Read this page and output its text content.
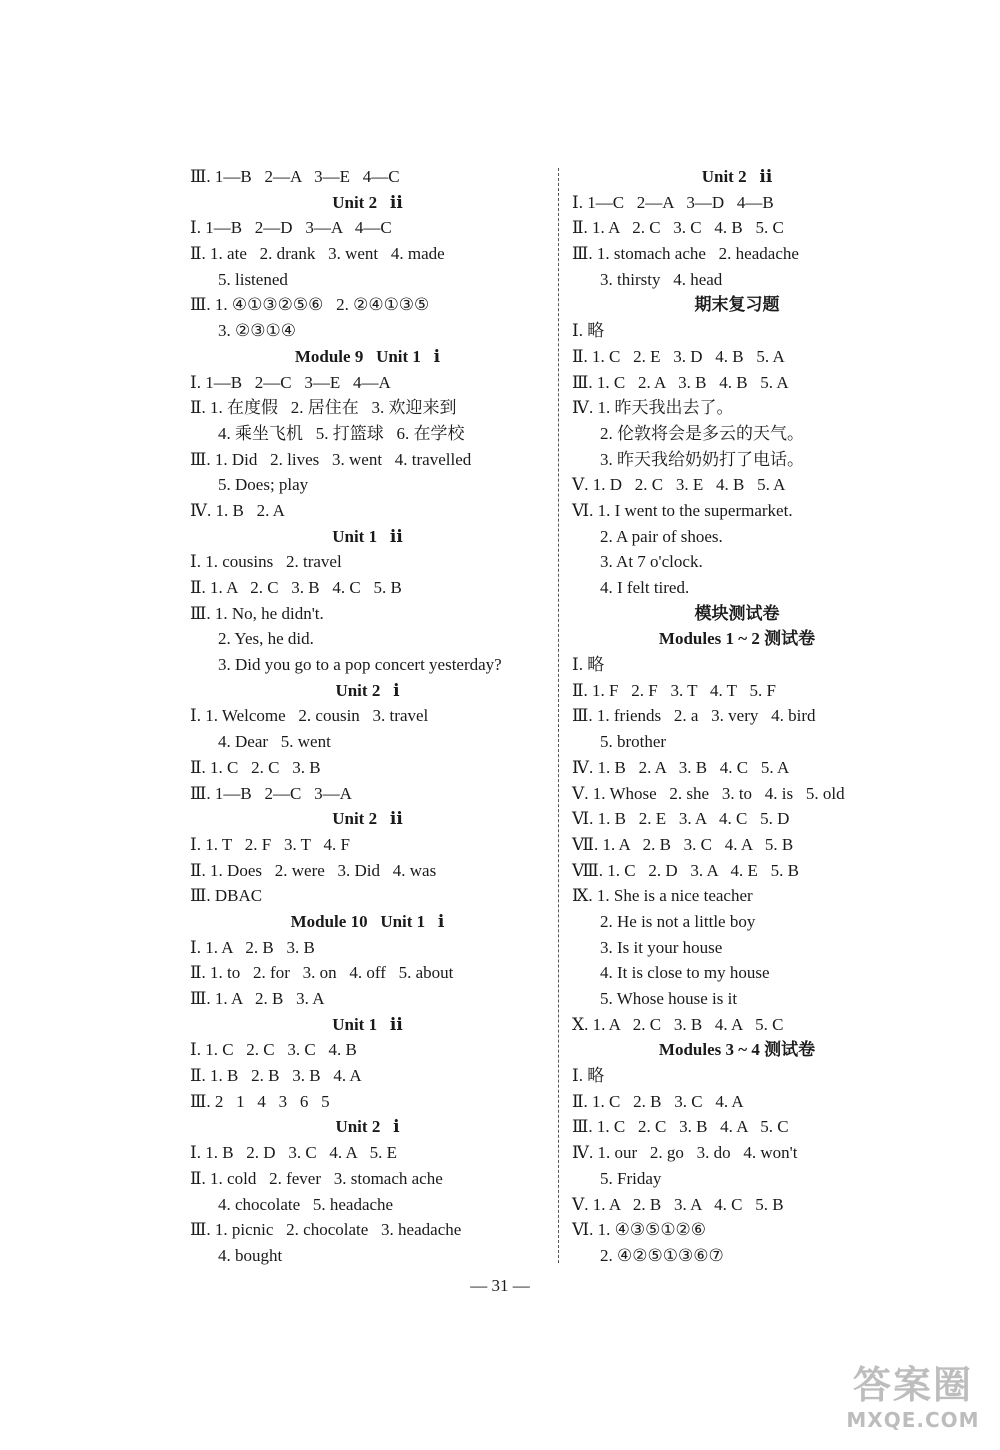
Ⅲ. 1—B   2—A   3—E   4—C
Unit 2   ⅱ
Ⅰ. 1—B   2—D   3—A   4—C
Ⅱ. 1. ate   2. drank   3. went   4. made
5. listened
Ⅲ. 1. ④①③②⑤⑥   2. ②④①③⑤
3. ②③①④
Module 9   Unit 1   ⅰ
Ⅰ. 1—B   2—C   3—E   4—A
Ⅱ. 1. 在度假   2. 居住在   3. 欢迎来到
4. 乘坐飞机   5. 打篮球   6. 在学校
Ⅲ. 1. Did   2. lives   3. went   4. travelled
5. Does; play
Ⅳ. 1. B   2. A
Unit 1   ⅱ
Ⅰ. 1. cousins   2. travel
Ⅱ. 1. A   2. C   3. B   4. C   5. B
Ⅲ. 1. No, he didn't.
2. Yes, he did.
3. Did you go to a pop concert yesterday?
Unit 2   ⅰ
Ⅰ. 1. Welcome   2. cousin   3. travel
4. Dear   5. went
Ⅱ. 1. C   2. C   3. B
Ⅲ. 1—B   2—C   3—A
Unit 2   ⅱ
Ⅰ. 1. T   2. F   3. T   4. F
Ⅱ. 1. Does   2. were   3. Did   4. was
Ⅲ. DBAC
Module 10   Unit 1   ⅰ
Ⅰ. 1. A   2. B   3. B
Ⅱ. 1. to   2. for   3. on   4. off   5. about
Ⅲ. 1. A   2. B   3. A
Unit 1   ⅱ
Ⅰ. 1. C   2. C   3. C   4. B
Ⅱ. 1. B   2. B   3. B   4. A
Ⅲ. 2   1   4   3   6   5
Unit 2   ⅰ
Ⅰ. 1. B   2. D   3. C   4. A   5. E
Ⅱ. 1. cold   2. fever   3. stomach ache
4. chocolate   5. headache
Ⅲ. 1. picnic   2. chocolate   3. headache
4. bought
Unit 2   ⅱ
Ⅰ. 1—C   2—A   3—D   4—B
Ⅱ. 1. A   2. C   3. C   4. B   5. C
Ⅲ. 1. stomach ache   2. headache
3. thirsty   4. head
期末复习题
Ⅰ. 略
Ⅱ. 1. C   2. E   3. D   4. B   5. A
Ⅲ. 1. C   2. A   3. B   4. B   5. A
Ⅳ. 1. 昨天我出去了。
2. 伦敦将会是多云的天气。
3. 昨天我给奶奶打了电话。
Ⅴ. 1. D   2. C   3. E   4. B   5. A
Ⅵ. 1. I went to the supermarket.
2. A pair of shoes.
3. At 7 o'clock.
4. I felt tired.
模块测试卷
Modules 1 ~ 2 测试卷
Ⅰ. 略
Ⅱ. 1. F   2. F   3. T   4. T   5. F
Ⅲ. 1. friends   2. a   3. very   4. bird
5. brother
Ⅳ. 1. B   2. A   3. B   4. C   5. A
Ⅴ. 1. Whose   2. she   3. to   4. is   5. old
Ⅵ. 1. B   2. E   3. A   4. C   5. D
Ⅶ. 1. A   2. B   3. C   4. A   5. B
Ⅷ. 1. C   2. D   3. A   4. E   5. B
Ⅸ. 1. She is a nice teacher
2. He is not a little boy
3. Is it your house
4. It is close to my house
5. Whose house is it
Ⅹ. 1. A   2. C   3. B   4. A   5. C
Modules 3 ~ 4 测试卷
Ⅰ. 略
Ⅱ. 1. C   2. B   3. C   4. A
Ⅲ. 1. C   2. C   3. B   4. A   5. C
Ⅳ. 1. our   2. go   3. do   4. won't
5. Friday
Ⅴ. 1. A   2. B   3. A   4. C   5. B
Ⅵ. 1. ④③⑤①②⑥
2. ④②⑤①③⑥⑦
— 31 —
答案圈
MXQE.COM
